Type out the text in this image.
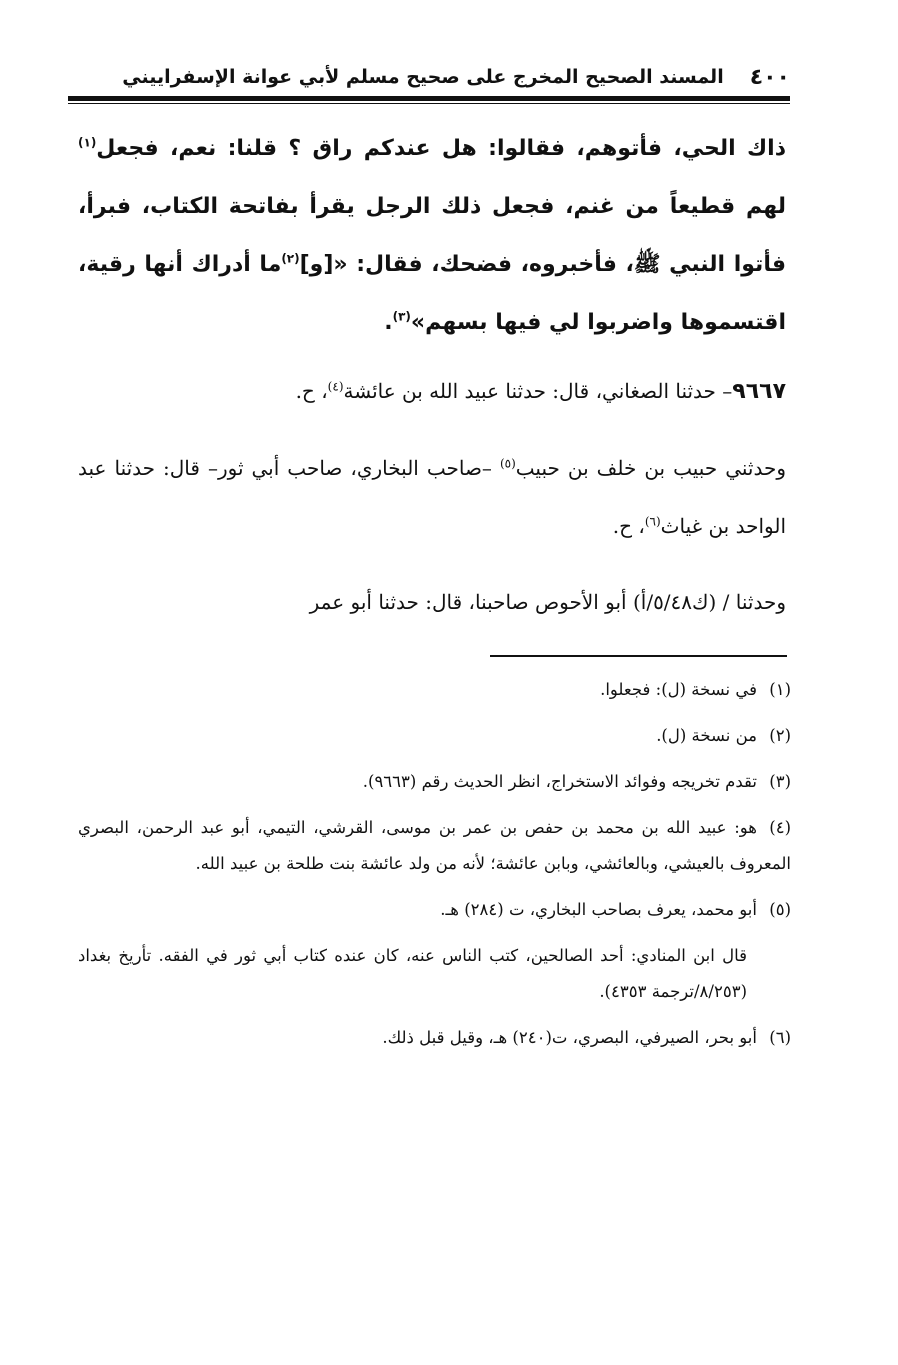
٤٠٠
المسند الصحيح المخرج على صحيح مسلم لأبي عوانة الإسفراييني

ذاك الحي، فأتوهم، فقالوا: هل عندكم راق ؟ قلنا: نعم، فجعل$^{(١)}$ لهم قطيعاً من غنم، فجعل ذلك الرجل يقرأ بفاتحة الكتاب، فبرأ، فأتوا النبي ﷺ، فأخبروه، فضحك، فقال: «[و]$^{(٢)}$ما أدراك أنها رقية، اقتسموها واضربوا لي فيها بسهم»$^{(٣)}$.

٩٦٦٧– حدثنا الصغاني، قال: حدثنا عبيد الله بن عائشة$^{(٤)}$، ح.

وحدثني حبيب بن خلف بن حبيب$^{(٥)}$ –صاحب البخاري، صاحب أبي ثور– قال: حدثنا عبد الواحد بن غياث$^{(٦)}$، ح.

وحدثنا / (ك٥/٤٨/أ) أبو الأحوص صاحبنا، قال: حدثنا أبو عمر

(١)في نسخة (ل): فجعلوا.

(٢)من نسخة (ل).

(٣)تقدم تخريجه وفوائد الاستخراج، انظر الحديث رقم (٩٦٦٣).

(٤)هو: عبيد الله بن محمد بن حفص بن عمر بن موسى، القرشي، التيمي، أبو عبد الرحمن، البصري المعروف بالعيشي، وبالعائشي، وبابن عائشة؛ لأنه من ولد عائشة بنت طلحة بن عبيد الله.

(٥)أبو محمد، يعرف بصاحب البخاري، ت (٢٨٤) هـ.

قال ابن المنادي: أحد الصالحين، كتب الناس عنه، كان عنده كتاب أبي ثور في الفقه. تأريخ بغداد (٨/٢٥٣/ترجمة ٤٣٥٣).

(٦)أبو بحر، الصيرفي، البصري، ت(٢٤٠) هـ، وقيل قبل ذلك.
